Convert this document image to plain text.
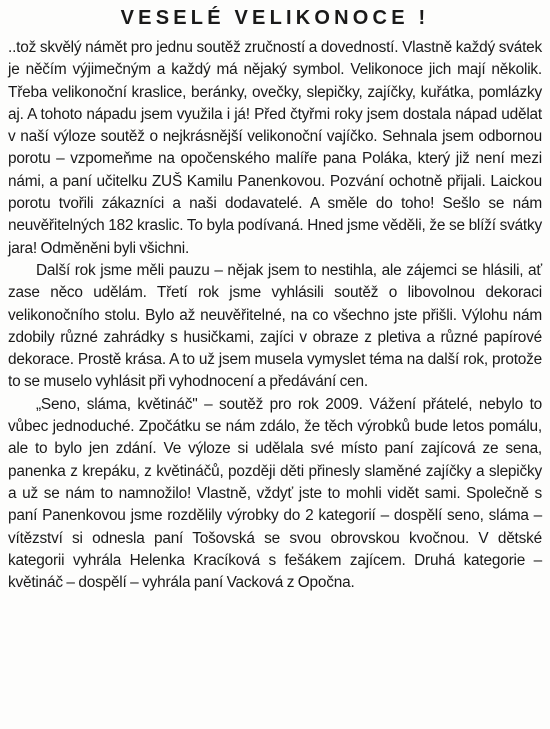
VESELÉ VELIKONOCE !

..tož skvělý námět pro jednu soutěž zručností a dovedností. Vlastně každý svátek je něčím výjimečným a každý má nějaký symbol. Velikonoce jich mají několik. Třeba velikonoční kraslice, beránky, ovečky, slepičky, zajíčky, kuřátka, pomlázky aj. A tohoto nápadu jsem využila i já! Před čtyřmi roky jsem dostala nápad udělat v naší výloze soutěž o nejkrásnější velikonoční vajíčko. Sehnala jsem odbornou porotu – vzpomeňme na opočenského malíře pana Poláka, který již není mezi námi, a paní učitelku ZUŠ Kamilu Panenkovou. Pozvání ochotně přijali. Laickou porotu tvořili zákazníci a naši dodavatelé. A směle do toho! Sešlo se nám neuvěřitelných 182 kraslic. To byla podívaná. Hned jsme věděli, že se blíží svátky jara! Odměněni byli všichni.

Další rok jsme měli pauzu – nějak jsem to nestihla, ale zájemci se hlásili, ať zase něco udělám. Třetí rok jsme vyhlásili soutěž o libovolnou dekoraci velikonočního stolu. Bylo až neuvěřitelné, na co všechno jste přišli. Výlohu nám zdobily různé zahrádky s husičkami, zajíci v obraze z pletiva a různé papírové dekorace. Prostě krása. A to už jsem musela vymyslet téma na další rok, protože to se muselo vyhlásit při vyhodnocení a předávání cen.

„Seno, sláma, květináč" – soutěž pro rok 2009. Vážení přátelé, nebylo to vůbec jednoduché. Zpočátku se nám zdálo, že těch výrobků bude letos pomálu, ale to bylo jen zdání. Ve výloze si udělala své místo paní zajícová ze sena, panenka z krepáku, z květináčů, později děti přinesly slaměné zajíčky a slepičky a už se nám to namnožilo! Vlastně, vždyť jste to mohli vidět sami. Společně s paní Panenkovou jsme rozdělily výrobky do 2 kategorií – dospělí seno, sláma – vítězství si odnesla paní Tošovská se svou obrovskou kvočnou. V dětské kategorii vyhrála Helenka Kracíková s fešákem zajícem. Druhá kategorie – květináč – dospělí – vyhrála paní Vacková z Opočna.
